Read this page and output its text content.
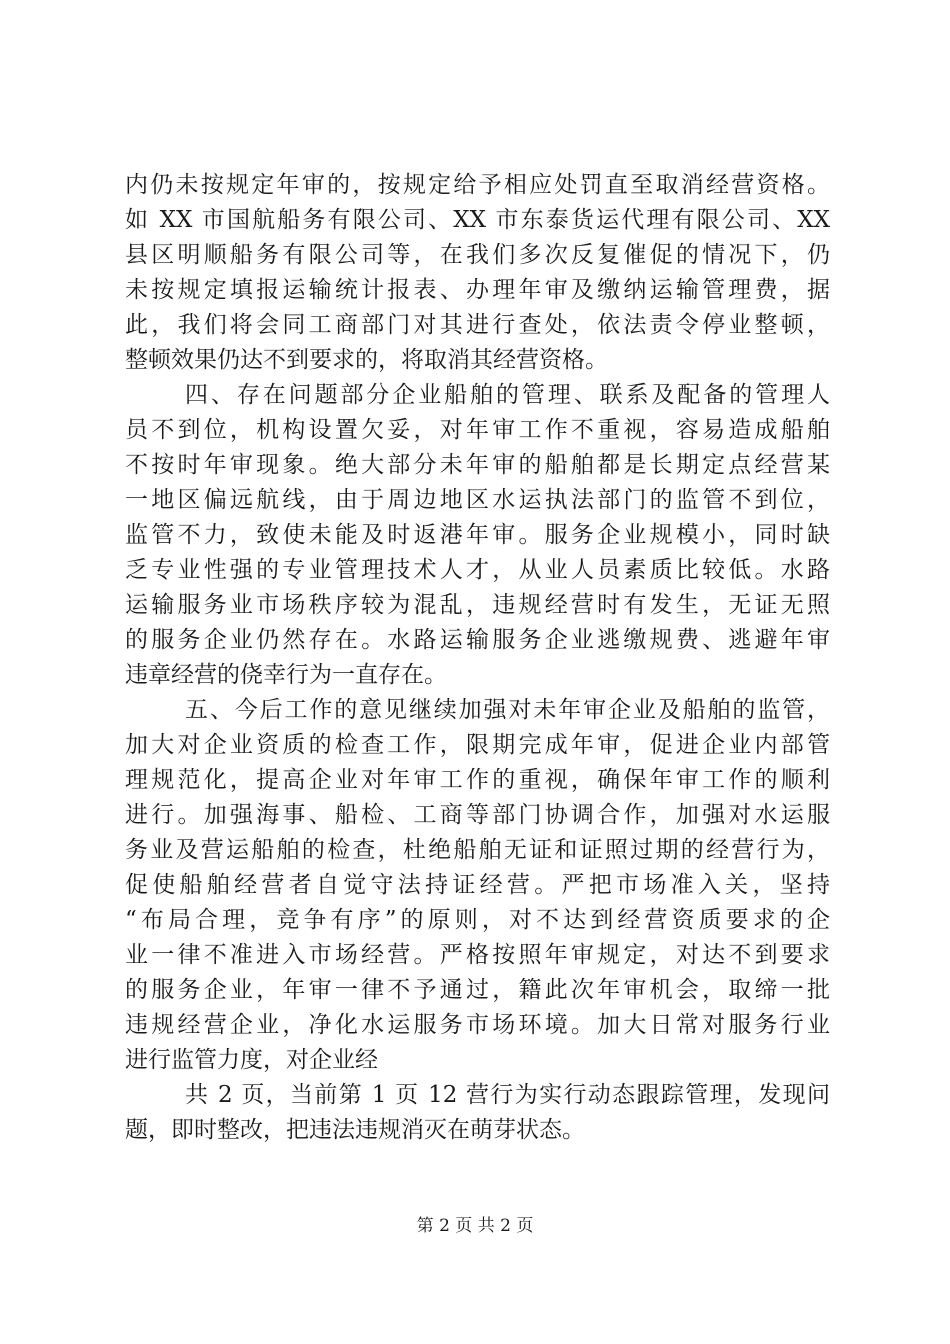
内仍未按规定年审的，按规定给予相应处罚直至取消经营资格。
如 XX 市国航船务有限公司、XX 市东泰货运代理有限公司、XX
县区明顺船务有限公司等，在我们多次反复催促的情况下，仍
未按规定填报运输统计报表、办理年审及缴纳运输管理费，据
此，我们将会同工商部门对其进行查处，依法责令停业整顿，
整顿效果仍达不到要求的，将取消其经营资格。
四、存在问题部分企业船舶的管理、联系及配备的管理人
员不到位，机构设置欠妥，对年审工作不重视，容易造成船舶
不按时年审现象。绝大部分未年审的船舶都是长期定点经营某
一地区偏远航线，由于周边地区水运执法部门的监管不到位，
监管不力，致使未能及时返港年审。服务企业规模小，同时缺
乏专业性强的专业管理技术人才，从业人员素质比较低。水路
运输服务业市场秩序较为混乱，违规经营时有发生，无证无照
的服务企业仍然存在。水路运输服务企业逃缴规费、逃避年审
违章经营的侥幸行为一直存在。
五、今后工作的意见继续加强对未年审企业及船舶的监管，
加大对企业资质的检查工作，限期完成年审，促进企业内部管
理规范化，提高企业对年审工作的重视，确保年审工作的顺利
进行。加强海事、船检、工商等部门协调合作，加强对水运服
务业及营运船舶的检查，杜绝船舶无证和证照过期的经营行为，
促使船舶经营者自觉守法持证经营。严把市场准入关，坚持
“布局合理，竞争有序”的原则，对不达到经营资质要求的企
业一律不准进入市场经营。严格按照年审规定，对达不到要求
的服务企业，年审一律不予通过，籍此次年审机会，取缔一批
违规经营企业，净化水运服务市场环境。加大日常对服务行业
进行监管力度，对企业经
共 2 页，当前第 1 页 12 营行为实行动态跟踪管理，发现问
题，即时整改，把违法违规消灭在萌芽状态。
第 2 页 共 2 页
